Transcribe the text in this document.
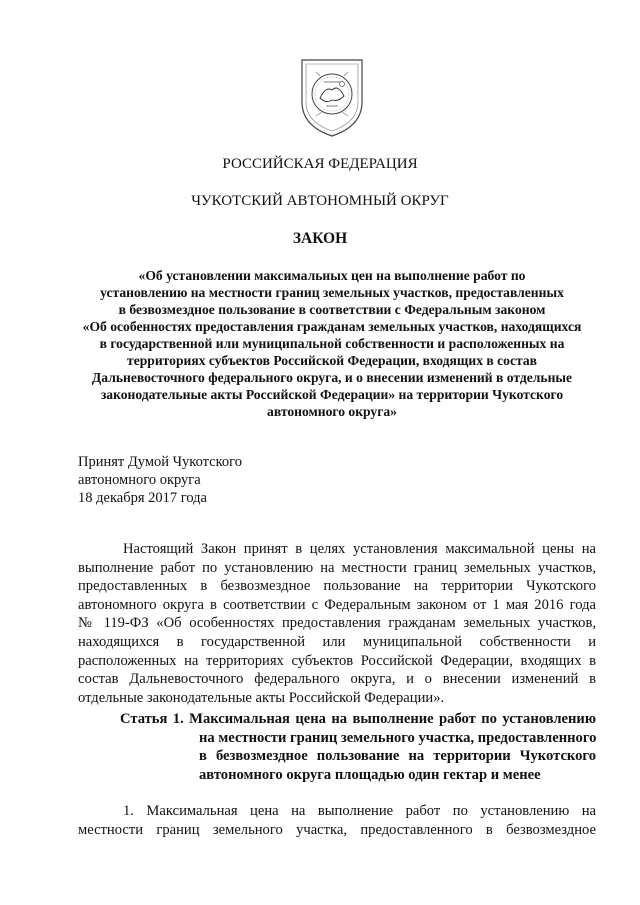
РОССИЙСКАЯ ФЕДЕРАЦИЯ
ЧУКОТСКИЙ АВТОНОМНЫЙ ОКРУГ
ЗАКОН
«Об установлении максимальных цен на выполнение работ по
установлению на местности границ земельных участков, предоставленных
в безвозмездное пользование в соответствии с Федеральным законом
«Об особенностях предоставления гражданам земельных участков, находящихся
в государственной или муниципальной собственности и расположенных на
территориях субъектов Российской Федерации, входящих в состав
Дальневосточного федерального округа, и о внесении изменений в отдельные
законодательные акты Российской Федерации» на территории Чукотского
автономного округа»
Принят Думой Чукотского
автономного округа
18 декабря 2017 года
Настоящий Закон принят в целях установления максимальной цены на
выполнение работ по установлению на местности границ земельных участков,
предоставленных в безвозмездное пользование на территории Чукотского
автономного округа в соответствии с Федеральным законом от 1 мая 2016 года
№ 119-ФЗ «Об особенностях предоставления гражданам земельных участков,
находящихся в государственной или муниципальной собственности и
расположенных на территориях субъектов Российской Федерации, входящих в
состав Дальневосточного федерального округа, и о внесении изменений в
отдельные законодательные акты Российской Федерации».
Статья 1. Максимальная цена на выполнение работ по установлению
на местности границ земельного участка, предоставленного
в безвозмездное пользование на территории Чукотского
автономного округа площадью один гектар и менее
1. Максимальная цена на выполнение работ по установлению на
местности границ земельного участка, предоставленного в безвозмездное
